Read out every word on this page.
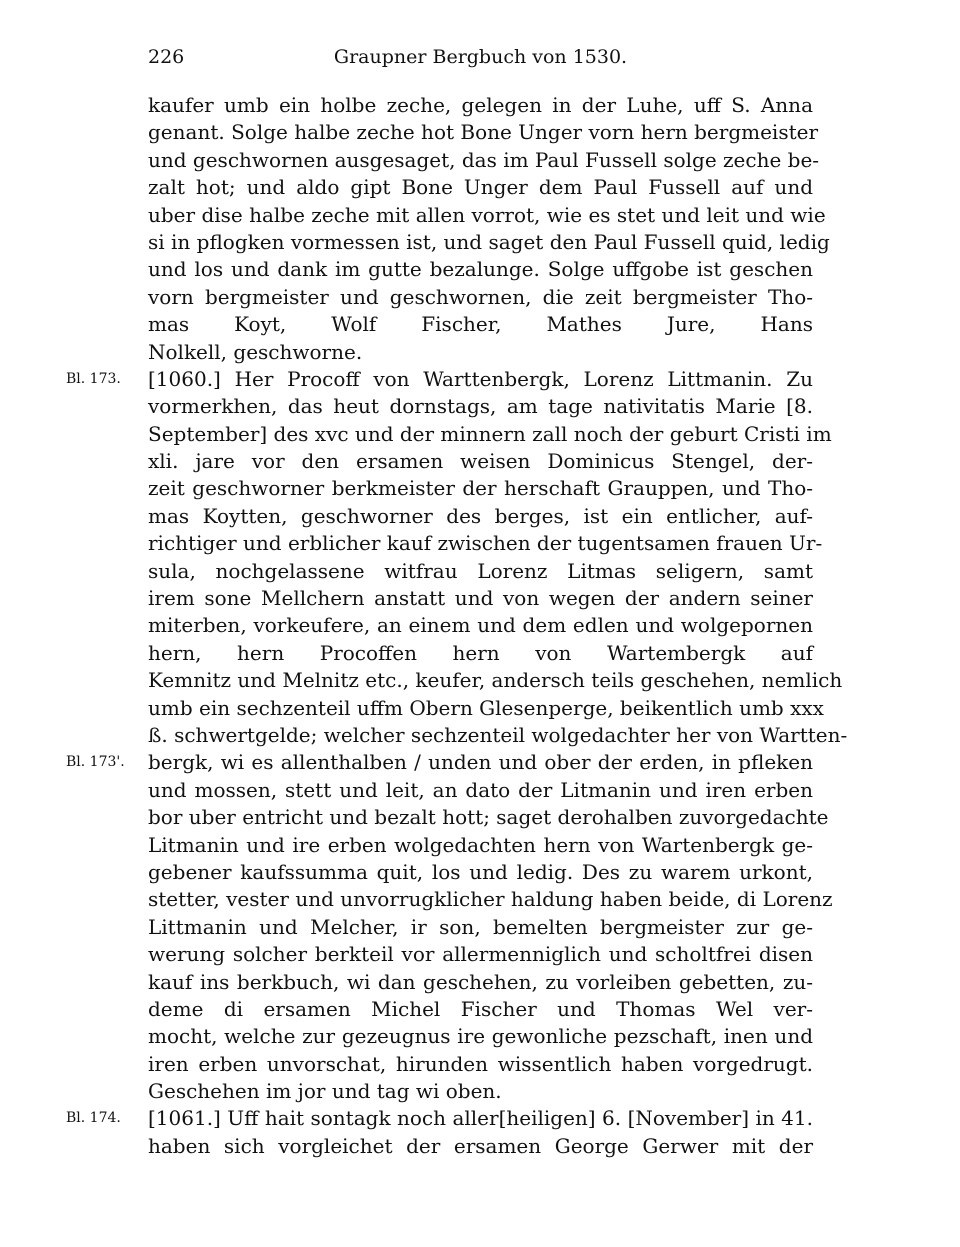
226	Graupner Bergbuch von 1530.
kaufer umb ein holbe zeche, gelegen in der Luhe, uff S. Anna
genant. Solge halbe zeche hot Bone Unger vorn hern bergmeister
und geschwornen ausgesaget, das im Paul Fussell solge zeche be-
zalt hot; und aldo gipt Bone Unger dem Paul Fussell auf und
uber dise halbe zeche mit allen vorrot, wie es stet und leit und wie
si in pflogken vormessen ist, und saget den Paul Fussell quid, ledig
und los und dank im gutte bezalunge. Solge uffgobe ist geschen
vorn bergmeister und geschwornen, die zeit bergmeister Tho-
mas Koyt, Wolf Fischer, Mathes Jure, Hans
Nolkell, geschworne.
[1060.] Her Procoff von Warttenbergk, Lorenz Littmanin. Zu
Bl. 173.
vormerkhen, das heut dornstags, am tage nativitatis Marie [8.
September] des xvc und der minnern zall noch der geburt Cristi im
xli. jare vor den ersamen weisen Dominicus Stengel, der-
zeit geschworner berkmeister der herschaft Grauppen, und Tho-
mas Koytten, geschworner des berges, ist ein entlicher, auf-
richtiger und erblicher kauf zwischen der tugentsamen frauen Ur-
sula, nochgelassene witfrau Lorenz Litmas seligern, samt
irem sone Mellchern anstatt und von wegen der andern seiner
miterben, vorkeufere, an einem und dem edlen und wolgepornen
hern, hern Procoffen hern von Wartembergk auf
Kemnitz und Melnitz etc., keufer, andersch teils geschehen, nemlich
umb ein sechzenteil uffm Obern Glesenperge, beikentlich umb xxx
ß. schwertgelde; welcher sechzenteil wolgedachter her von Wartten-
bergk, wi es allenthalben / unden und ober der erden, in pfleken
Bl. 173'.
und mossen, stett und leit, an dato der Litmanin und iren erben
bor uber entricht und bezalt hott; saget derohalben zuvorgedachte
Litmanin und ire erben wolgedachten hern von Wartenbergk ge-
gebener kaufssumma quit, los und ledig. Des zu warem urkont,
stetter, vester und unvorrugklicher haldung haben beide, di Lorenz
Littmanin und Melcher, ir son, bemelten bergmeister zur ge-
werung solcher berkteil vor allermenniglich und scholtfrei disen
kauf ins berkbuch, wi dan geschehen, zu vorleiben gebetten, zu-
deme di ersamen Michel Fischer und Thomas Wel ver-
mocht, welche zur gezeugnus ire gewonliche pezschaft, inen und
iren erben unvorschat, hirunden wissentlich haben vorgedrugt.
Geschehen im jor und tag wi oben.
[1061.] Uff hait sontagk noch aller[heiligen] 6. [November] in 41.
Bl. 174.
haben sich vorgleichet der ersamen George Gerwer mit der
